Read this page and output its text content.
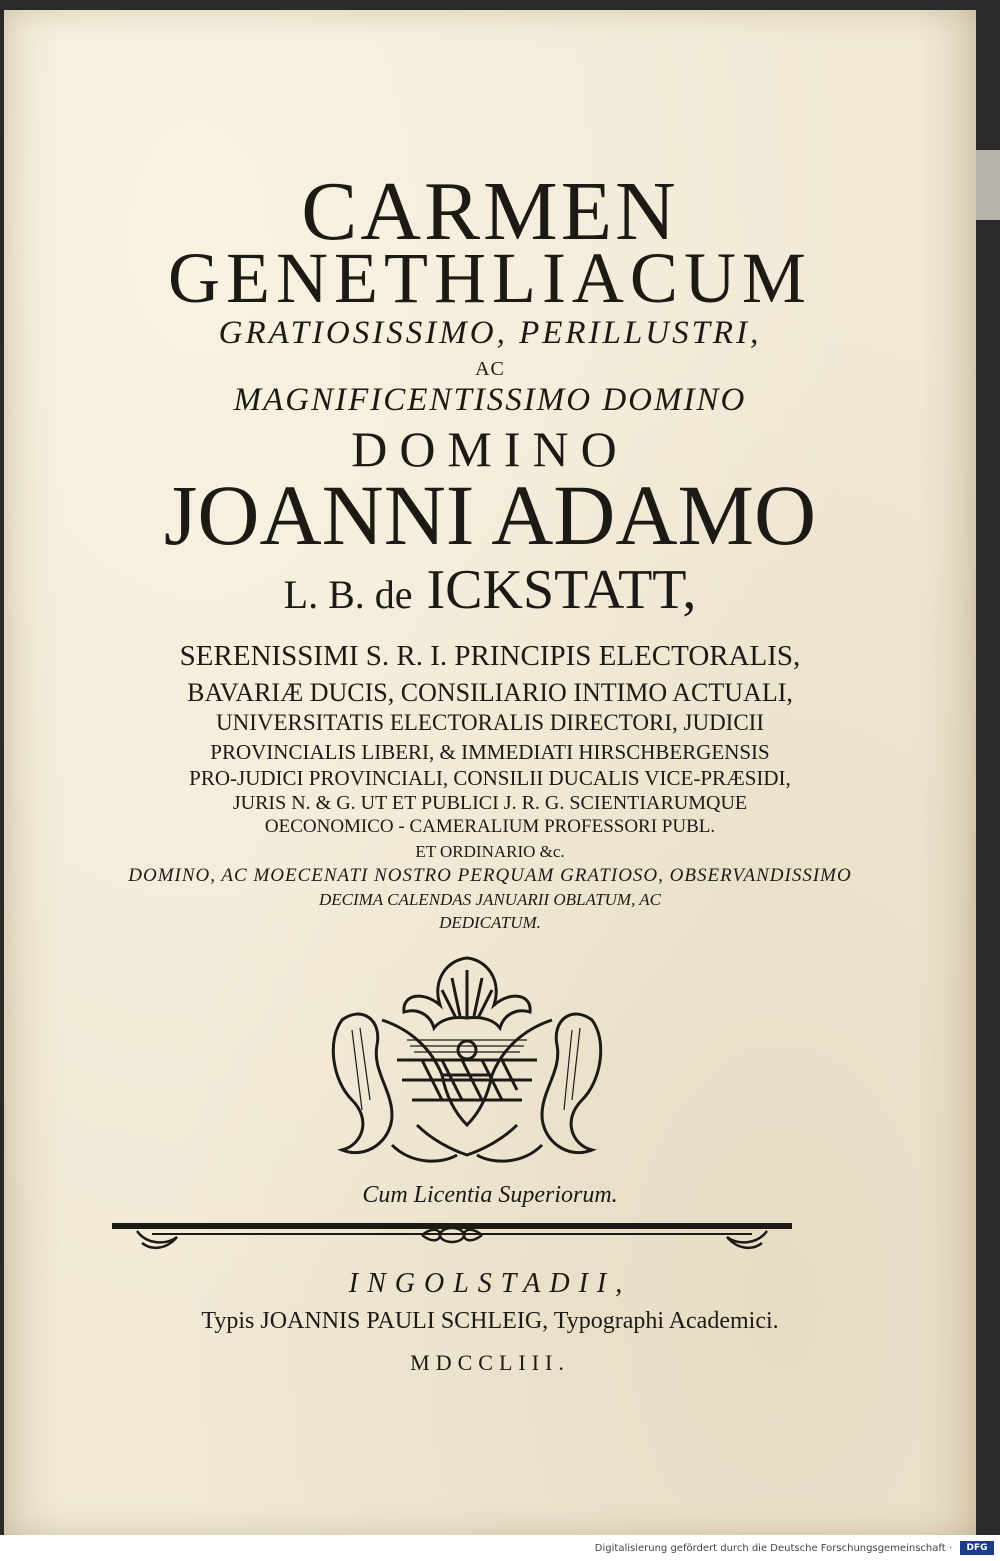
CARMEN
GENETHLIACUM
GRATIOSISSIMO, PERILLUSTRI,
AC
MAGNIFICENTISSIMO DOMINO
DOMINO
JOANNI ADAMO
L. B. de ICKSTATT,
SERENISSIMI S. R. I. PRINCIPIS ELECTORALIS,
BAVARIÆ DUCIS, CONSILIARIO INTIMO ACTUALI,
UNIVERSITATIS ELECTORALIS DIRECTORI, JUDICII
PROVINCIALIS LIBERI, & IMMEDIATI HIRSCHBERGENSIS
PRO-JUDICI PROVINCIALI, CONSILII DUCALIS VICE-PRÆSIDI,
JURIS N. & G. UT ET PUBLICI J. R. G. SCIENTIARUMQUE
OECONOMICO - CAMERALIUM PROFESSORI PUBL.
ET ORDINARIO &c.
DOMINO, AC MOECENATI NOSTRO PERQUAM GRATIOSO, OBSERVANDISSIMO
DECIMA CALENDAS JANUARII OBLATUM, AC
DEDICATUM.
Cum Licentia Superiorum.
INGOLSTADII,
Typis JOANNIS PAULI SCHLEIG, Typographi Academici.
MDCCLIII.
Digitalisierung gefördert durch die Deutsche Forschungsgemeinschaft ·	DFG
